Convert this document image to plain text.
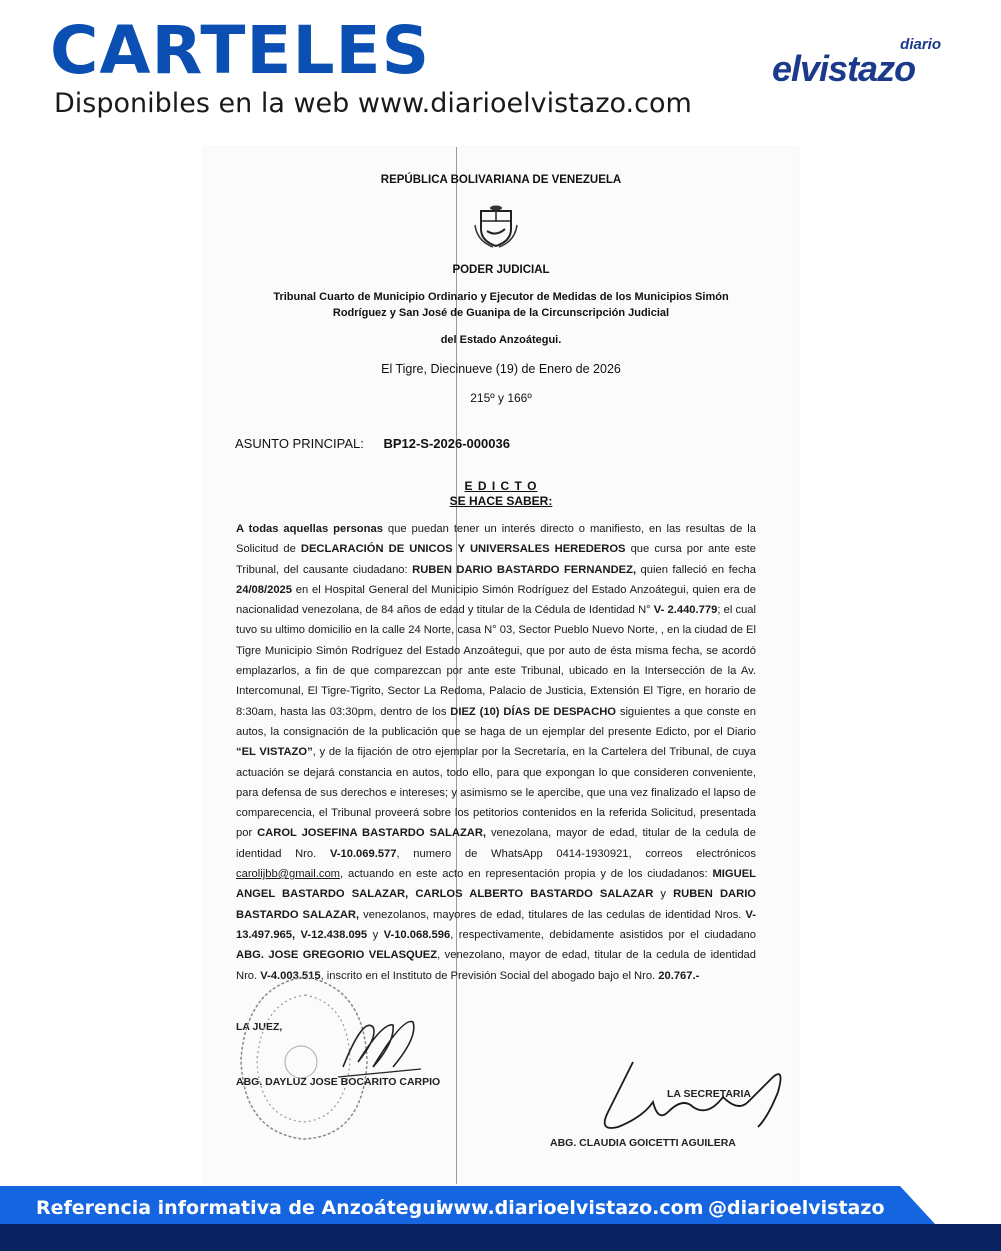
CARTELES
Disponibles en la web www.diarioelvistazo.com
diario
elvistazo
REPÚBLICA BOLIVARIANA DE VENEZUELA
PODER JUDICIAL
Tribunal Cuarto de Municipio Ordinario y Ejecutor de Medidas de los Municipios Simón
Rodríguez y San José de Guanipa de la Circunscripción Judicial
del Estado Anzoátegui.
El Tigre, Diecinueve (19) de Enero de 2026
215º y 166º
ASUNTO PRINCIPAL: BP12-S-2026-000036
E D I C T O
SE HACE SABER:
A todas aquellas personas que puedan tener un interés directo o manifiesto, en las resultas de la Solicitud de DECLARACIÓN DE UNICOS Y UNIVERSALES HEREDEROS que cursa por ante este Tribunal, del causante ciudadano: RUBEN DARIO BASTARDO FERNANDEZ, quien falleció en fecha 24/08/2025 en el Hospital General del Municipio Simón Rodríguez del Estado Anzoátegui, quien era de nacionalidad venezolana, de 84 años de edad y titular de la Cédula de Identidad N° V- 2.440.779; el cual tuvo su ultimo domicilio en la calle 24 Norte, casa N° 03, Sector Pueblo Nuevo Norte, , en la ciudad de El Tigre Municipio Simón Rodríguez del Estado Anzoátegui, que por auto de ésta misma fecha, se acordó emplazarlos, a fin de que comparezcan por ante este Tribunal, ubicado en la Intersección de la Av. Intercomunal, El Tigre-Tigrito, Sector La Redoma, Palacio de Justicia, Extensión El Tigre, en horario de 8:30am, hasta las 03:30pm, dentro de los DIEZ (10) DÍAS DE DESPACHO siguientes a que conste en autos, la consignación de la publicación que se haga de un ejemplar del presente Edicto, por el Diario “EL VISTAZO”, y de la fijación de otro ejemplar por la Secretaría, en la Cartelera del Tribunal, de cuya actuación se dejará constancia en autos, todo ello, para que expongan lo que consideren conveniente, para defensa de sus derechos e intereses; y asimismo se le apercibe, que una vez finalizado el lapso de comparecencia, el Tribunal proveerá sobre los petitorios contenidos en la referida Solicitud, presentada por CAROL JOSEFINA BASTARDO SALAZAR, venezolana, mayor de edad, titular de la cedula de identidad Nro. V-10.069.577, numero de WhatsApp 0414-1930921, correos electrónicos carolijbb@gmail.com, actuando en este acto en representación propia y de los ciudadanos: MIGUEL ANGEL BASTARDO SALAZAR, CARLOS ALBERTO BASTARDO SALAZAR y RUBEN DARIO BASTARDO SALAZAR, venezolanos, mayores de edad, titulares de las cedulas de identidad Nros. V-13.497.965, V-12.438.095 y V-10.068.596, respectivamente, debidamente asistidos por el ciudadano ABG. JOSE GREGORIO VELASQUEZ, venezolano, mayor de edad, titular de la cedula de identidad Nro. V-4.003.515, inscrito en el Instituto de Previsión Social del abogado bajo el Nro. 20.767.-
LA JUEZ,
ABG. DAYLUZ JOSE BOCARITO CARPIO
LA SECRETARIA
ABG. CLAUDIA GOICETTI AGUILERA
Referencia informativa de Anzoátegui
www.diarioelvistazo.com @diarioelvistazo
